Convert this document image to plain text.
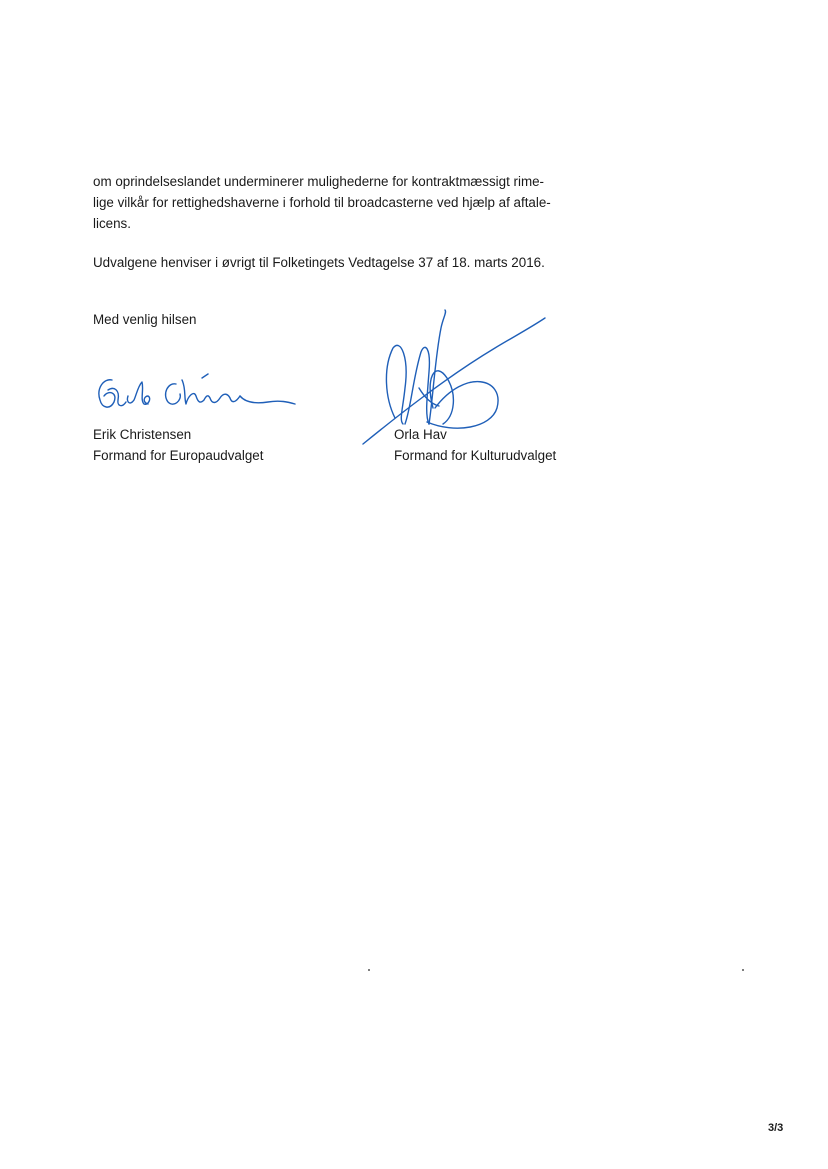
om oprindelseslandet underminerer mulighederne for kontraktmæssigt rime-
lige vilkår for rettighedshaverne i forhold til broadcasterne ved hjælp af aftale-
licens.

Udvalgene henviser i øvrigt til Folketingets Vedtagelse 37 af 18. marts 2016.

Med venlig hilsen
Erik Christensen
Formand for Europaudvalget
Orla Hav
Formand for Kulturudvalget
3/3
